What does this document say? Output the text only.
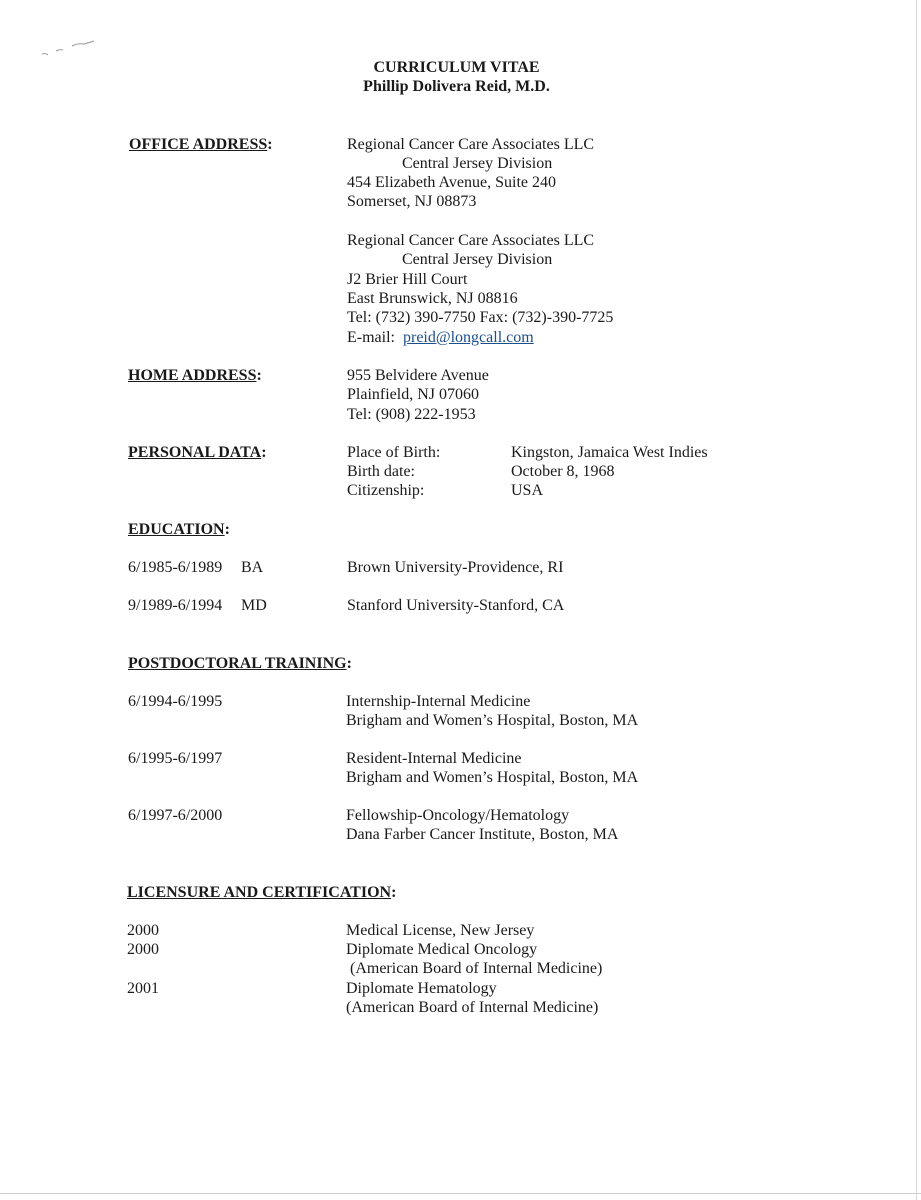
CURRICULUM VITAE
Phillip Dolivera Reid, M.D.
OFFICE ADDRESS:	Regional Cancer Care Associates LLC
Central Jersey Division
454 Elizabeth Avenue, Suite 240
Somerset, NJ 08873
Regional Cancer Care Associates LLC
Central Jersey Division
J2 Brier Hill Court
East Brunswick, NJ 08816
Tel: (732) 390-7750 Fax: (732)-390-7725
E-mail: preid@longcall.com
HOME ADDRESS:	955 Belvidere Avenue
Plainfield, NJ 07060
Tel: (908) 222-1953
PERSONAL DATA:	Place of Birth:	Kingston, Jamaica West Indies
Birth date:	October 8, 1968
Citizenship:	USA
EDUCATION:
6/1985-6/1989 BA	Brown University-Providence, RI
9/1989-6/1994 MD	Stanford University-Stanford, CA
POSTDOCTORAL TRAINING:
6/1994-6/1995	Internship-Internal Medicine
Brigham and Women’s Hospital, Boston, MA
6/1995-6/1997	Resident-Internal Medicine
Brigham and Women’s Hospital, Boston, MA
6/1997-6/2000	Fellowship-Oncology/Hematology
Dana Farber Cancer Institute, Boston, MA
LICENSURE AND CERTIFICATION:
2000	Medical License, New Jersey
2000	Diplomate Medical Oncology
(American Board of Internal Medicine)
2001	Diplomate Hematology
(American Board of Internal Medicine)
